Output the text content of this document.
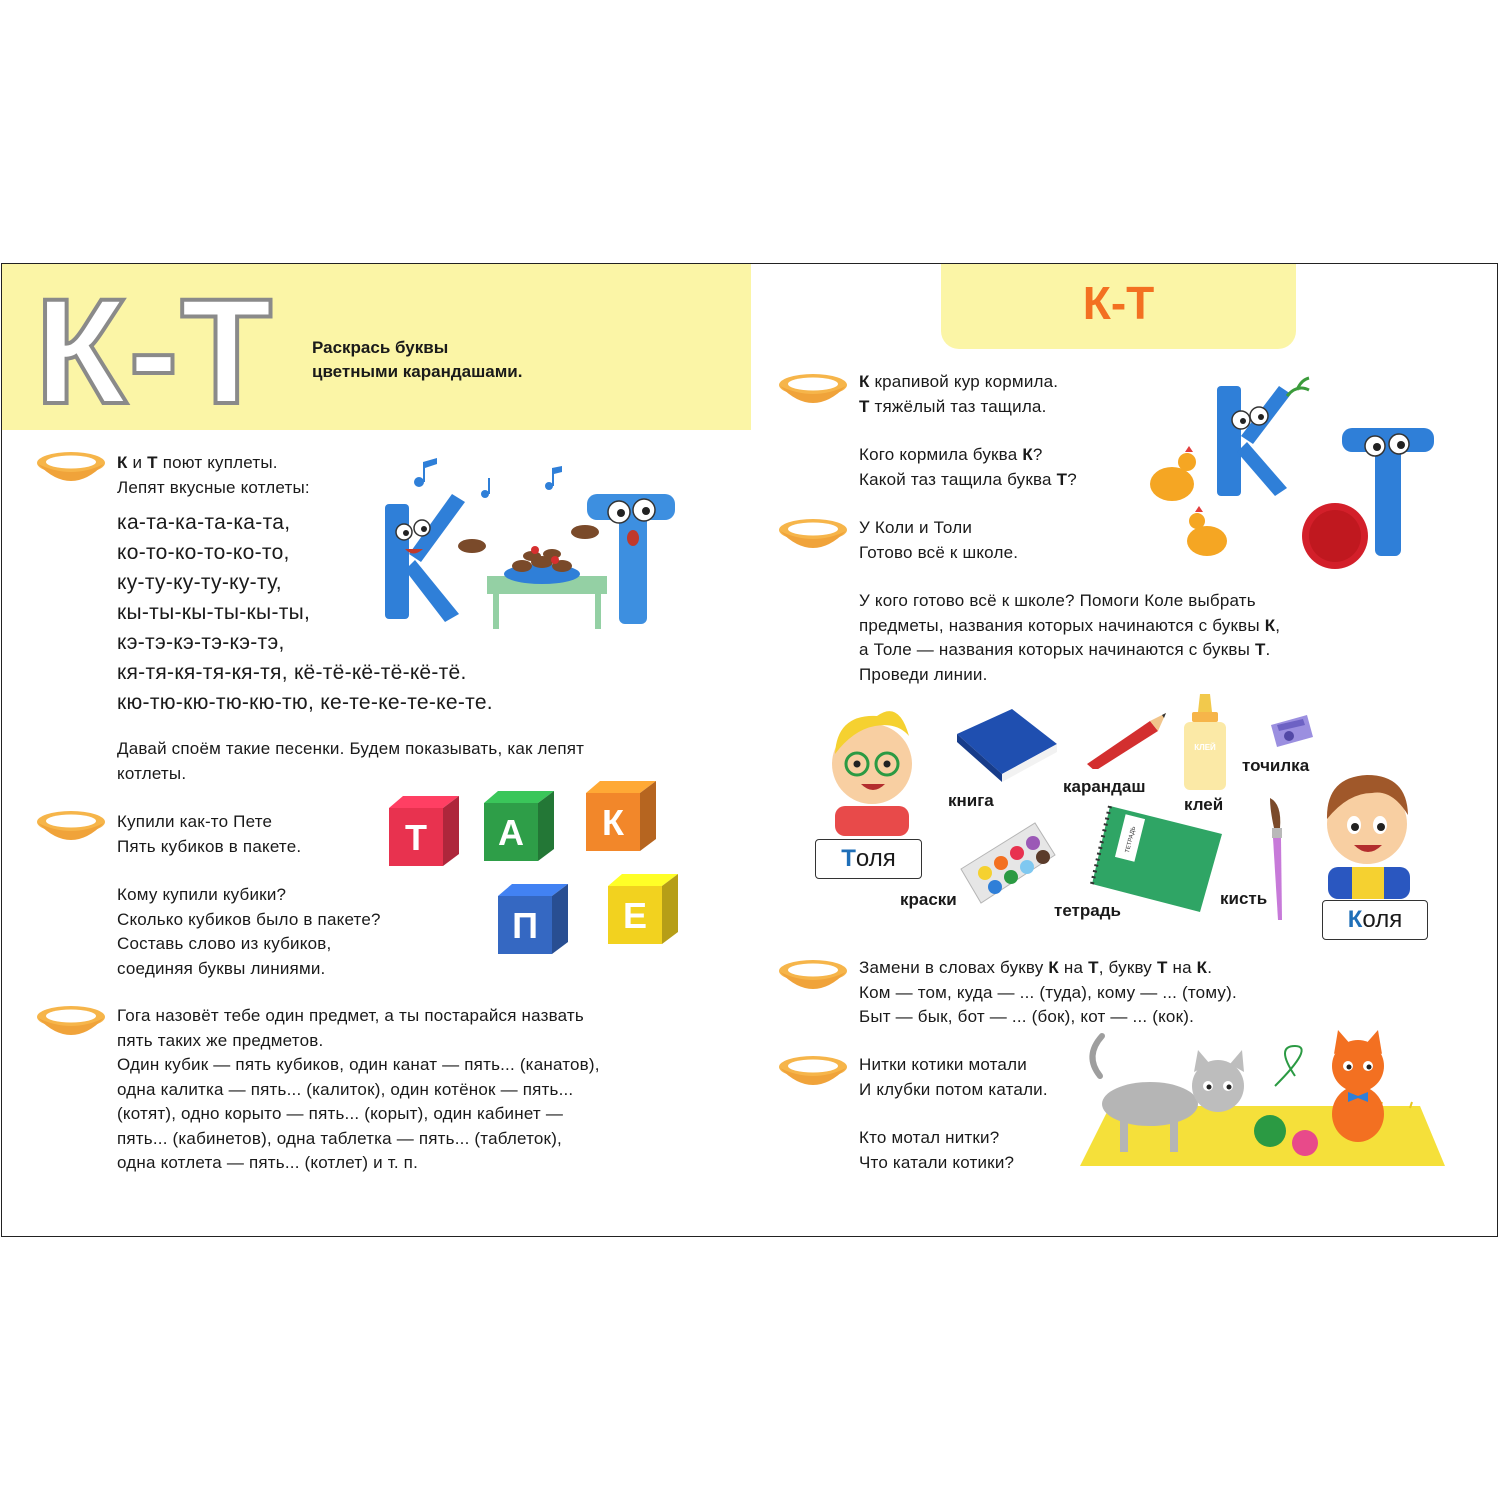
К-Т Раскрась буквы
цветными карандашами.
К и Т поют куплеты.
Лепят вкусные котлеты:
ка-та-ка-та-ка-та,
ко-то-ко-то-ко-то,
ку-ту-ку-ту-ку-ту,
кы-ты-кы-ты-кы-ты,
кэ-тэ-кэ-тэ-кэ-тэ,
кя-тя-кя-тя-кя-тя, кё-тё-кё-тё-кё-тё.
кю-тю-кю-тю-кю-тю, ке-те-ке-те-ке-те.
Давай споём такие песенки. Будем показывать, как лепят
котлеты.
Купили как-то Пете
Пять кубиков в пакете.
Кому купили кубики?
Сколько кубиков было в пакете?
Составь слово из кубиков,
соединяя буквы линиями.
Т А К
П Е
Гога назовёт тебе один предмет, а ты постарайся назвать
пять таких же предметов.
Один кубик — пять кубиков, один канат — пять... (канатов),
одна калитка — пять... (калиток), один котёнок — пять...
(котят), одно корыто — пять... (корыт), один кабинет —
пять... (кабинетов), одна таблетка — пять... (таблеток),
одна котлета — пять... (котлет) и т. п.
К-Т
К крапивой кур кормила.
Т тяжёлый таз тащила.
Кого кормила буква К?
Какой таз тащила буква Т?
У Коли и Толи
Готово всё к школе.
У кого готово всё к школе? Помоги Коле выбрать
предметы, названия которых начинаются с буквы К,
а Толе — названия которых начинаются с буквы Т.
Проведи линии.
Толя
книга
карандаш
КЛЕЙ
клей
точилка
Коля
краски
ТЕТРАДЬ
тетрадь
кисть
Замени в словах букву К на Т, букву Т на К.
Ком — том, куда — ... (туда), кому — ... (тому).
Быт — бык, бот — ... (бок), кот — ... (кок).
Нитки котики мотали
И клубки потом катали.
Кто мотал нитки?
Что катали котики?
